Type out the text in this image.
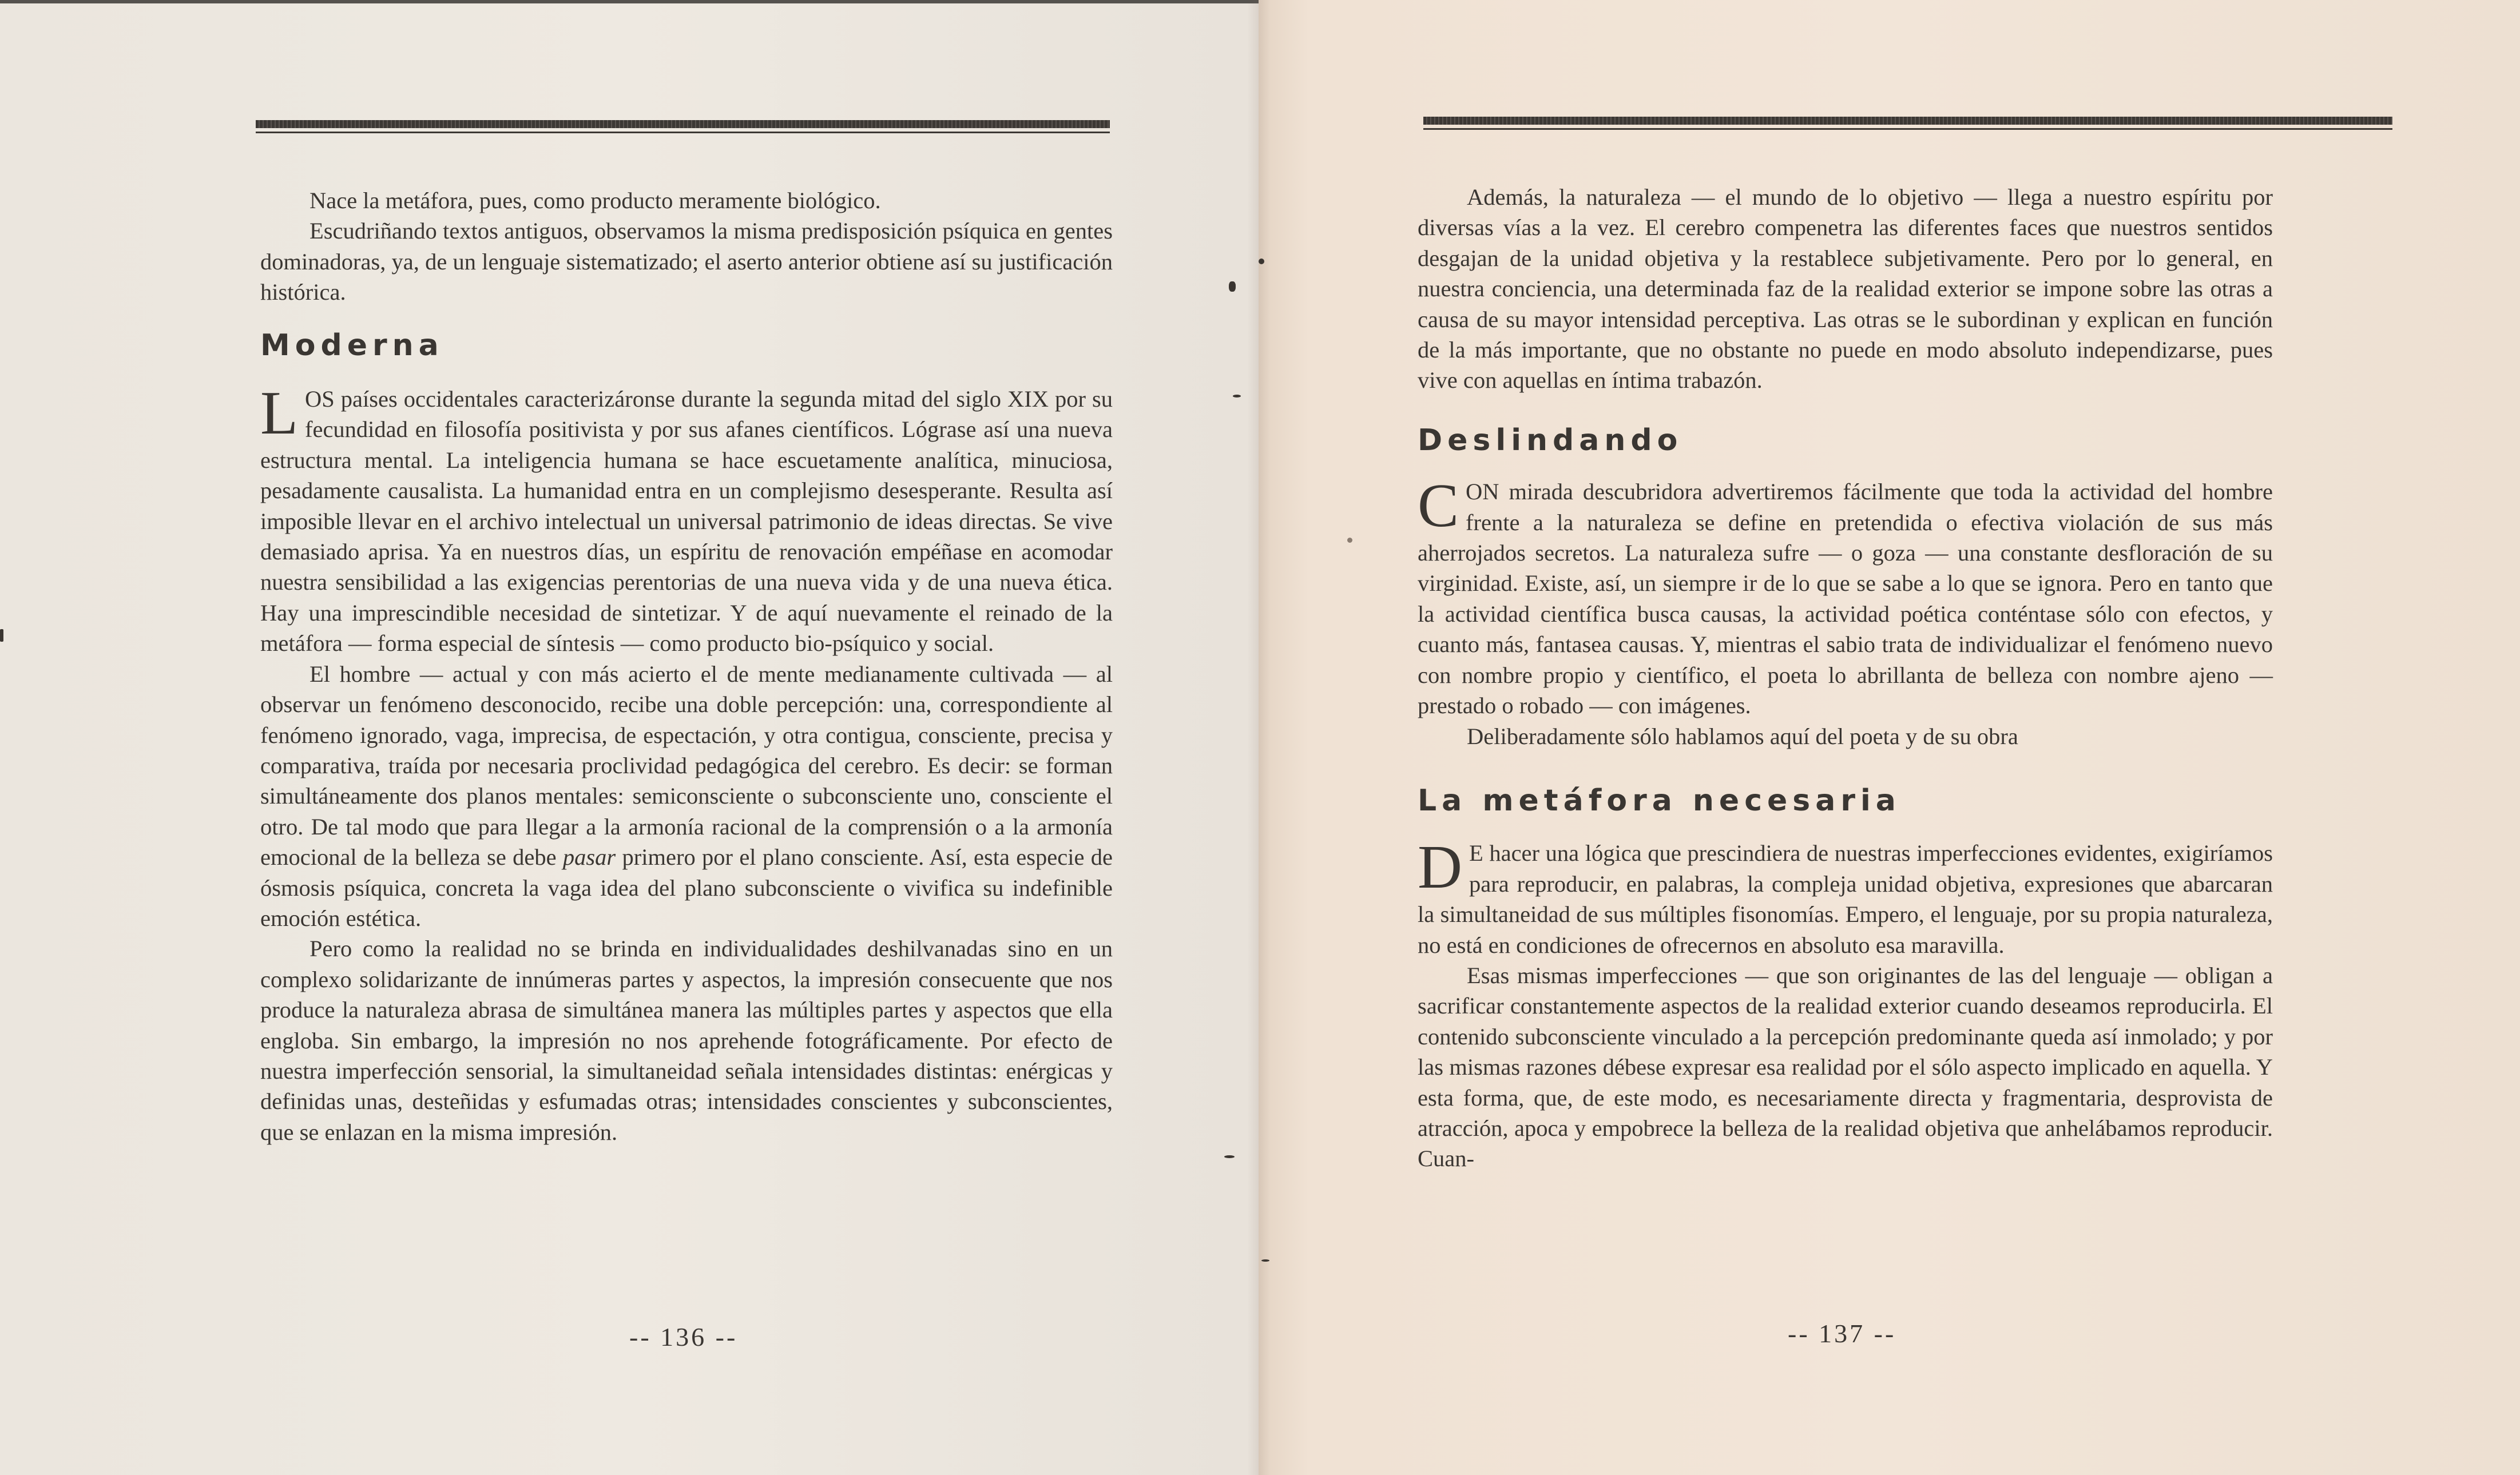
Nace la metáfora, pues, como producto meramente biológico.

Escudriñando textos antiguos, observamos la misma predisposición psíquica en gentes dominadoras, ya, de un lenguaje sistematizado; el aserto anterior obtiene así su justificación histórica.

Moderna

LOS países occidentales caracterizáronse durante la segunda mitad del siglo XIX por su fecundidad en filosofía positivista y por sus afanes científicos. Lógrase así una nueva estructura mental. La inteligencia humana se hace escuetamente analítica, minuciosa, pesadamente causalista. La humanidad entra en un complejismo desesperante. Resulta así imposible llevar en el archivo intelectual un universal patrimonio de ideas directas. Se vive demasiado aprisa. Ya en nuestros días, un espíritu de renovación empéñase en acomodar nuestra sensibilidad a las exigencias perentorias de una nueva vida y de una nueva ética. Hay una imprescindible necesidad de sintetizar. Y de aquí nuevamente el reinado de la metáfora — forma especial de síntesis — como producto bio-psíquico y social.

El hombre — actual y con más acierto el de mente medianamente cultivada — al observar un fenómeno desconocido, recibe una doble percepción: una, correspondiente al fenómeno ignorado, vaga, imprecisa, de espectación, y otra contigua, consciente, precisa y comparativa, traída por necesaria proclividad pedagógica del cerebro. Es decir: se forman simultáneamente dos planos mentales: semiconsciente o subconsciente uno, consciente el otro. De tal modo que para llegar a la armonía racional de la comprensión o a la armonía emocional de la belleza se debe pasar primero por el plano consciente. Así, esta especie de ósmosis psíquica, concreta la vaga idea del plano subconsciente o vivifica su indefinible emoción estética.

Pero como la realidad no se brinda en individualidades deshilvanadas sino en un complexo solidarizante de innúmeras partes y aspectos, la impresión consecuente que nos produce la naturaleza abrasa de simultánea manera las múltiples partes y aspectos que ella engloba. Sin embargo, la impresión no nos aprehende fotográficamente. Por efecto de nuestra imperfección sensorial, la simultaneidad señala intensidades distintas: enérgicas y definidas unas, desteñidas y esfumadas otras; intensidades conscientes y subconscientes, que se enlazan en la misma impresión.

-- 136 --

Además, la naturaleza — el mundo de lo objetivo — llega a nuestro espíritu por diversas vías a la vez. El cerebro compenetra las diferentes faces que nuestros sentidos desgajan de la unidad objetiva y la restablece subjetivamente. Pero por lo general, en nuestra conciencia, una determinada faz de la realidad exterior se impone sobre las otras a causa de su mayor intensidad perceptiva. Las otras se le subordinan y explican en función de la más importante, que no obstante no puede en modo absoluto independizarse, pues vive con aquellas en íntima trabazón.

Deslindando

CON mirada descubridora advertiremos fácilmente que toda la actividad del hombre frente a la naturaleza se define en pretendida o efectiva violación de sus más aherrojados secretos. La naturaleza sufre — o goza — una constante desfloración de su virginidad. Existe, así, un siempre ir de lo que se sabe a lo que se ignora. Pero en tanto que la actividad científica busca causas, la actividad poética conténtase sólo con efectos, y cuanto más, fantasea causas. Y, mientras el sabio trata de individualizar el fenómeno nuevo con nombre propio y científico, el poeta lo abrillanta de belleza con nombre ajeno — prestado o robado — con imágenes.

Deliberadamente sólo hablamos aquí del poeta y de su obra

La metáfora necesaria

D E hacer una lógica que prescindiera de nuestras imperfecciones evidentes, exigiríamos para reproducir, en palabras, la compleja unidad objetiva, expresiones que abarcaran la simultaneidad de sus múltiples fisonomías. Empero, el lenguaje, por su propia naturaleza, no está en condiciones de ofrecernos en absoluto esa maravilla.

Esas mismas imperfecciones — que son originantes de las del lenguaje — obligan a sacrificar constantemente aspectos de la realidad exterior cuando deseamos reproducirla. El contenido subconsciente vinculado a la percepción predominante queda así inmolado; y por las mismas razones débese expresar esa realidad por el sólo aspecto implicado en aquella. Y esta forma, que, de este modo, es necesariamente directa y fragmentaria, desprovista de atracción, apoca y empobrece la belleza de la realidad objetiva que anhelábamos reproducir. Cuan-

-- 137 --
